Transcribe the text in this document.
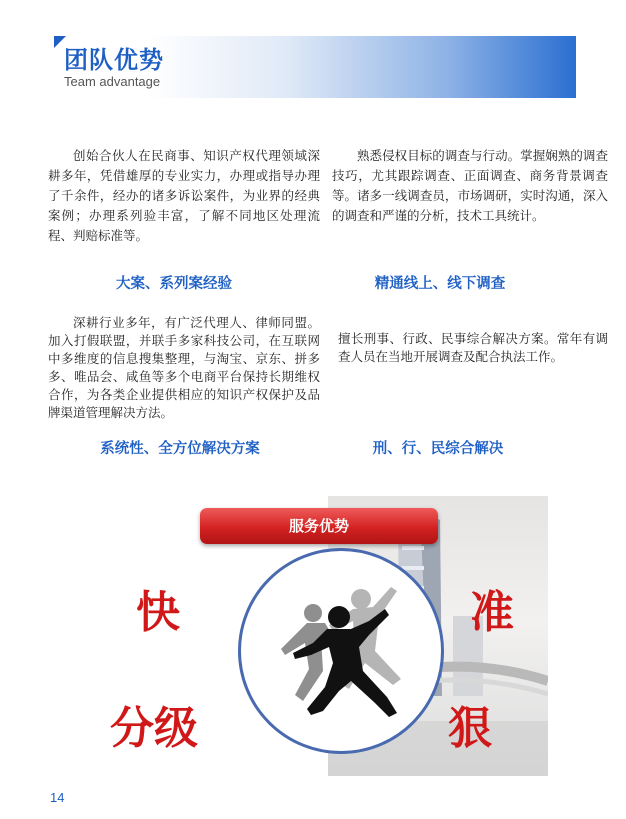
团队优势
Team advantage
创始合伙人在民商事、知识产权代理领域深耕多年，凭借雄厚的专业实力，办理或指导办理了千余件，经办的诸多诉讼案件，为业界的经典案例；办理系列验丰富，了解不同地区处理流程、判赔标准等。
熟悉侵权目标的调查与行动。掌握娴熟的调查技巧，尤其跟踪调查、正面调查、商务背景调查等。诸多一线调查员，市场调研，实时沟通，深入的调查和严谨的分析，技术工具统计。
大案、系列案经验	精通线上、线下调查
深耕行业多年，有广泛代理人、律师同盟。加入打假联盟，并联手多家科技公司，在互联网中多维度的信息搜集整理，与淘宝、京东、拼多多、唯品会、咸鱼等多个电商平台保持长期维权合作，为各类企业提供相应的知识产权保护及品牌渠道管理解决方法。
擅长刑事、行政、民事综合解决方案。常年有调查人员在当地开展调查及配合执法工作。
系统性、全方位解决方案	刑、行、民综合解决
服务优势
快	准
分级	狠
14
